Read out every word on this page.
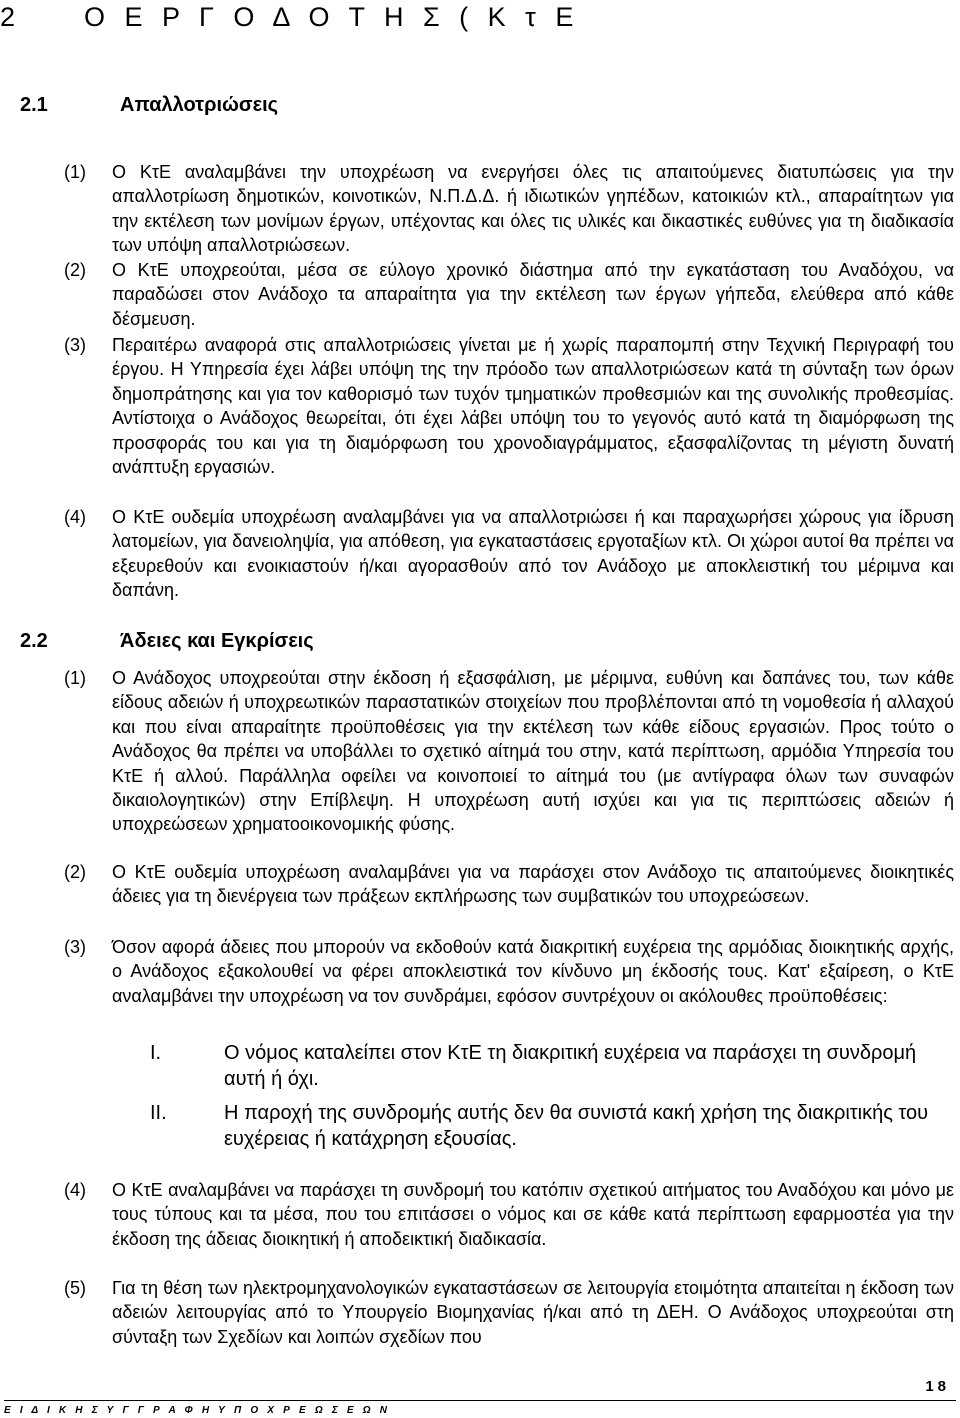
2	Ο Ε Ρ Γ Ο Δ Ο Τ Η Σ ( Κ τ Ε
2.1	Απαλλοτριώσεις
(1) Ο ΚτΕ αναλαμβάνει την υποχρέωση να ενεργήσει όλες τις απαιτούμενες διατυπώσεις για την απαλλοτρίωση δημοτικών, κοινοτικών, Ν.Π.Δ.Δ. ή ιδιωτικών γηπέδων, κατοικιών κτλ., απαραίτητων για την εκτέλεση των μονίμων έργων, υπέχοντας και όλες τις υλικές και δικαστικές ευθύνες για τη διαδικασία των υπόψη απαλλοτριώσεων.
(2) Ο ΚτΕ υποχρεούται, μέσα σε εύλογο χρονικό διάστημα από την εγκατάσταση του Αναδόχου, να παραδώσει στον Ανάδοχο τα απαραίτητα για την εκτέλεση των έργων γήπεδα, ελεύθερα από κάθε δέσμευση.
(3) Περαιτέρω αναφορά στις απαλλοτριώσεις γίνεται με ή χωρίς παραπομπή στην Τεχνική Περιγραφή του έργου. Η Υπηρεσία έχει λάβει υπόψη της την πρόοδο των απαλλοτριώσεων κατά τη σύνταξη των όρων δημοπράτησης και για τον καθορισμό των τυχόν τμηματικών προθεσμιών και της συνολικής προθεσμίας. Αντίστοιχα ο Ανάδοχος θεωρείται, ότι έχει λάβει υπόψη του το γεγονός αυτό κατά τη διαμόρφωση της προσφοράς του και για τη διαμόρφωση του χρονοδιαγράμματος, εξασφαλίζοντας τη μέγιστη δυνατή ανάπτυξη εργασιών.
(4) Ο ΚτΕ ουδεμία υποχρέωση αναλαμβάνει για να απαλλοτριώσει ή και παραχωρήσει χώρους για ίδρυση λατομείων, για δανειοληψία, για απόθεση, για εγκαταστάσεις εργοταξίων κτλ. Οι χώροι αυτοί θα πρέπει να εξευρεθούν και ενοικιαστούν ή/και αγορασθούν από τον Ανάδοχο με αποκλειστική του μέριμνα και δαπάνη.
2.2	Άδειες και Εγκρίσεις
(1) Ο Ανάδοχος υποχρεούται στην έκδοση ή εξασφάλιση, με μέριμνα, ευθύνη και δαπάνες του, των κάθε είδους αδειών ή υποχρεωτικών παραστατικών στοιχείων που προβλέπονται από τη νομοθεσία ή αλλαχού και που είναι απαραίτητε προϋποθέσεις για την εκτέλεση των κάθε είδους εργασιών. Προς τούτο ο Ανάδοχος θα πρέπει να υποβάλλει το σχετικό αίτημά του στην, κατά περίπτωση, αρμόδια Υπηρεσία του ΚτΕ ή αλλού. Παράλληλα οφείλει να κοινοποιεί το αίτημά του (με αντίγραφα όλων των συναφών δικαιολογητικών) στην Επίβλεψη. Η υποχρέωση αυτή ισχύει και για τις περιπτώσεις αδειών ή υποχρεώσεων χρηματοοικονομικής φύσης.
(2) Ο ΚτΕ ουδεμία υποχρέωση αναλαμβάνει για να παράσχει στον Ανάδοχο τις απαιτούμενες διοικητικές άδειες για τη διενέργεια των πράξεων εκπλήρωσης των συμβατικών του υποχρεώσεων.
(3) Όσον αφορά άδειες που μπορούν να εκδοθούν κατά διακριτική ευχέρεια της αρμόδιας διοικητικής αρχής, ο Ανάδοχος εξακολουθεί να φέρει αποκλειστικά τον κίνδυνο μη έκδοσής τους. Κατ' εξαίρεση, ο ΚτΕ αναλαμβάνει την υποχρέωση να τον συνδράμει, εφόσον συντρέχουν οι ακόλουθες προϋποθέσεις:
I.	Ο νόμος καταλείπει στον ΚτΕ τη διακριτική ευχέρεια να παράσχει τη συνδρομή αυτή ή όχι.
II.	Η παροχή της συνδρομής αυτής δεν θα συνιστά κακή χρήση της διακριτικής του ευχέρειας ή κατάχρηση εξουσίας.
(4) Ο ΚτΕ αναλαμβάνει να παράσχει τη συνδρομή του κατόπιν σχετικού αιτήματος του Αναδόχου και μόνο με τους τύπους και τα μέσα, που του επιτάσσει ο νόμος και σε κάθε κατά περίπτωση εφαρμοστέα για την έκδοση της άδειας διοικητική ή αποδεικτική διαδικασία.
(5) Για τη θέση των ηλεκτρομηχανολογικών εγκαταστάσεων σε λειτουργία ετοιμότητα απαιτείται η έκδοση των αδειών λειτουργίας από το Υπουργείο Βιομηχανίας ή/και από τη ΔΕΗ. Ο Ανάδοχος υποχρεούται στη σύνταξη των Σχεδίων και λοιπών σχεδίων που
18
Ε Ι Δ Ι Κ Η Σ Υ Γ Γ Ρ Α Φ Η Υ Π Ο Χ Ρ Ε Ω Σ Ε Ω Ν
